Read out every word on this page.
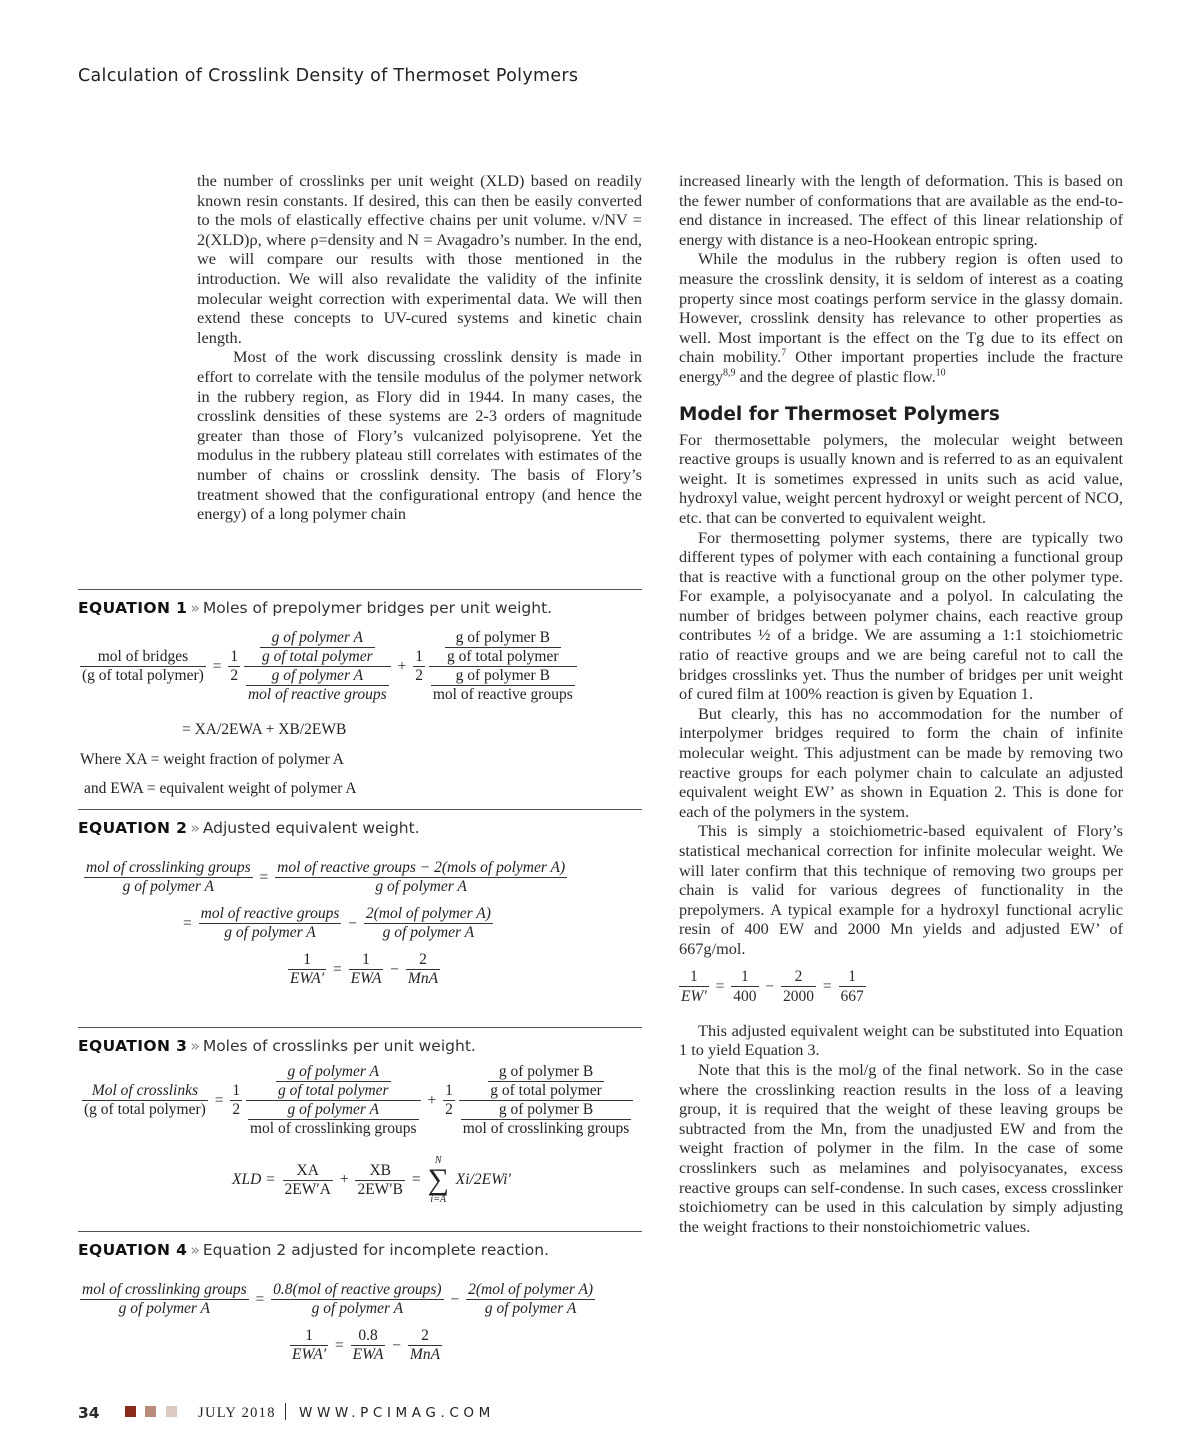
Calculation of Crosslink Density of Thermoset Polymers

the number of crosslinks per unit weight (XLD) based on readily known resin constants. If desired, this can then be easily converted to the mols of elastically effective chains per unit volume. v/NV = 2(XLD)ρ, where ρ=density and N = Avagadro’s number. In the end, we will compare our results with those mentioned in the introduction. We will also revalidate the validity of the infinite molecular weight correction with experimental data. We will then extend these concepts to UV-cured systems and kinetic chain length.

Most of the work discussing crosslink density is made in effort to correlate with the tensile modulus of the polymer network in the rubbery region, as Flory did in 1944. In many cases, the crosslink densities of these systems are 2-3 orders of magnitude greater than those of Flory’s vulcanized polyisoprene. Yet the modulus in the rubbery plateau still correlates with estimates of the number of chains or crosslink density. The basis of Flory’s treatment showed that the configurational entropy (and hence the energy) of a long polymer chain

EQUATION 1 » Moles of prepolymer bridges per unit weight.
$\frac{\text{mol of bridges}}{\text{(g of total polymer)}} = \frac{1}{2}$
$\frac{\frac{\text{g of polymer A}}{\text{g of total polymer}}}{\frac{\text{g of polymer A}}{\text{mol of reactive groups}}} + \frac{1}{2}$
$\frac{\frac{\text{g of polymer B}}{\text{g of total polymer}}}{\frac{\text{g of polymer B}}{\text{mol of reactive groups}}}$
= XA/2EWA + XB/2EWB
Where XA = weight fraction of polymer A
and EWA = equivalent weight of polymer A
EQUATION 2 » Adjusted equivalent weight.
$\frac{\text{mol of crosslinking groups}}{\text{g of polymer A}} = \frac{\text{mol of reactive groups − 2(mols of polymer A)}}{\text{g of polymer A}}$
= $\frac{\text{mol of reactive groups}}{\text{g of polymer A}} - \frac{\text{2(mol of polymer A)}}{\text{g of polymer A}}$
$\frac{1}{\text{EWA′}} = \frac{1}{\text{EWA}} - \frac{2}{\text{MnA}}$
EQUATION 3 » Moles of crosslinks per unit weight.
$\frac{\text{Mol of crosslinks}}{\text{(g of total polymer)}} = \frac{1}{2}$
$\frac{\frac{\text{g of polymer A}}{\text{g of total polymer}}}{\frac{\text{g of polymer A}}{\text{mol of crosslinking groups}}} + \frac{1}{2}$
$\frac{\frac{\text{g of polymer B}}{\text{g of total polymer}}}{\frac{\text{g of polymer B}}{\text{mol of crosslinking groups}}}$
XLD = $\frac{XA}{2EW'A} + \frac{XB}{2EW'B}$ =
N
∑
i=A
Xi/2EWi′
EQUATION 4 » Equation 2 adjusted for incomplete reaction.
$\frac{\text{mol of crosslinking groups}}{\text{g of polymer A}} = \frac{\text{0.8(mol of reactive groups)}}{\text{g of polymer A}} - \frac{\text{2(mol of polymer A)}}{\text{g of polymer A}}$
$\frac{1}{\text{EWA′}} = \frac{0.8}{\text{EWA}} - \frac{2}{\text{MnA}}$

increased linearly with the length of deformation. This is based on the fewer number of conformations that are available as the end-to-end distance in increased. The effect of this linear relationship of energy with distance is a neo-Hookean entropic spring.

While the modulus in the rubbery region is often used to measure the crosslink density, it is seldom of interest as a coating property since most coatings perform service in the glassy domain. However, crosslink density has relevance to other properties as well. Most important is the effect on the Tg due to its effect on chain mobility.$^7$ Other important properties include the fracture energy$^{8,9}$ and the degree of plastic flow.$^{10}$

Model for Thermoset Polymers

For thermosettable polymers, the molecular weight between reactive groups is usually known and is referred to as an equivalent weight. It is sometimes expressed in units such as acid value, hydroxyl value, weight percent hydroxyl or weight percent of NCO, etc. that can be converted to equivalent weight.

For thermosetting polymer systems, there are typically two different types of polymer with each containing a functional group that is reactive with a functional group on the other polymer type. For example, a polyisocyanate and a polyol. In calculating the number of bridges between polymer chains, each reactive group contributes ½ of a bridge. We are assuming a 1:1 stoichiometric ratio of reactive groups and we are being careful not to call the bridges crosslinks yet. Thus the number of bridges per unit weight of cured film at 100% reaction is given by Equation 1.

But clearly, this has no accommodation for the number of interpolymer bridges required to form the chain of infinite molecular weight. This adjustment can be made by removing two reactive groups for each polymer chain to calculate an adjusted equivalent weight EW’ as shown in Equation 2. This is done for each of the polymers in the system.

This is simply a stoichiometric-based equivalent of Flory’s statistical mechanical correction for infinite molecular weight. We will later confirm that this technique of removing two groups per chain is valid for various degrees of functionality in the prepolymers. A typical example for a hydroxyl functional acrylic resin of 400 EW and 2000 Mn yields and adjusted EW’ of 667g/mol.

$\frac{1}{EW'} = \frac{1}{400} - \frac{2}{2000} = \frac{1}{667}$

This adjusted equivalent weight can be substituted into Equation 1 to yield Equation 3.

Note that this is the mol/g of the final network. So in the case where the crosslinking reaction results in the loss of a leaving group, it is required that the weight of these leaving groups be subtracted from the Mn, from the unadjusted EW and from the weight fraction of polymer in the film. In the case of some crosslinkers such as melamines and polyisocyanates, excess reactive groups can self-condense. In such cases, excess crosslinker stoichiometry can be used in this calculation by simply adjusting the weight fractions to their nonstoichiometric values.

34	JULY 2018 WWW.PCIMAG.COM
